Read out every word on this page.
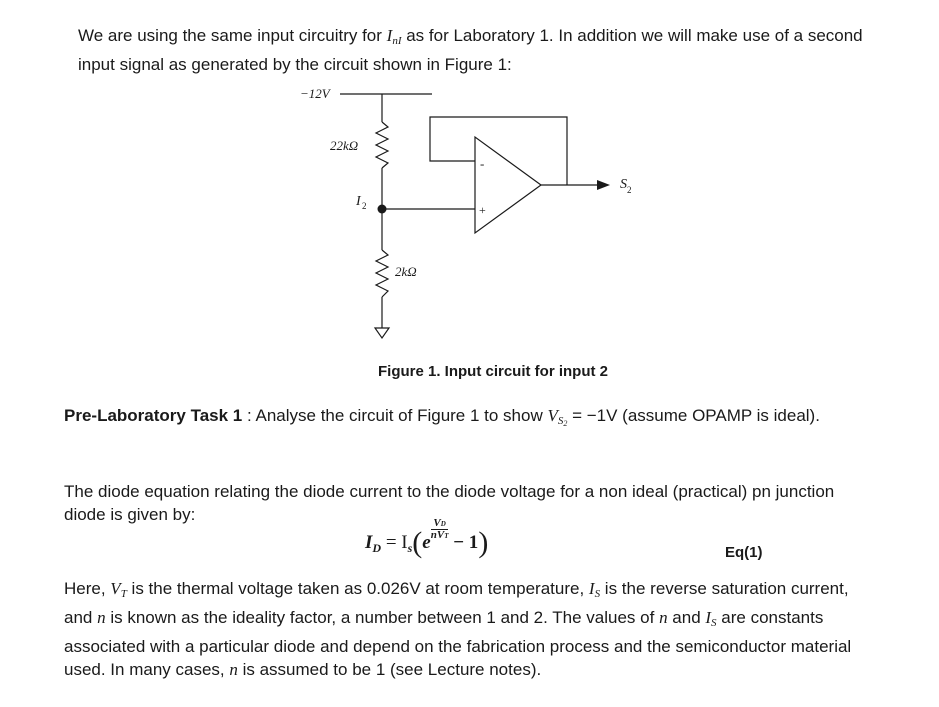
We are using the same input circuitry for $I_{nI}$ as for Laboratory 1. In addition we will make use of a second input signal as generated by the circuit shown in Figure 1:

−12V
22kΩ
2kΩ
I 2
S 2
-
+
Figure 1. Input circuit for input 2

Pre-Laboratory Task 1 : Analyse the circuit of Figure 1 to show $V_{S2} = -1V$ (assume OPAMP is ideal).

The diode equation relating the diode current to the diode voltage for a non ideal (practical) pn junction diode is given by:

$I_D = I_s(e$
$\frac{VD}{\text{nVT}}$
− 1)	Eq(1)

Here, $V_T$ is the thermal voltage taken as 0.026V at room temperature, $I_S$ is the reverse saturation current, and n is known as the ideality factor, a number between 1 and 2. The values of n and $I_S$ are constants associated with a particular diode and depend on the fabrication process and the semiconductor material used. In many cases, n is assumed to be 1 (see Lecture notes).
